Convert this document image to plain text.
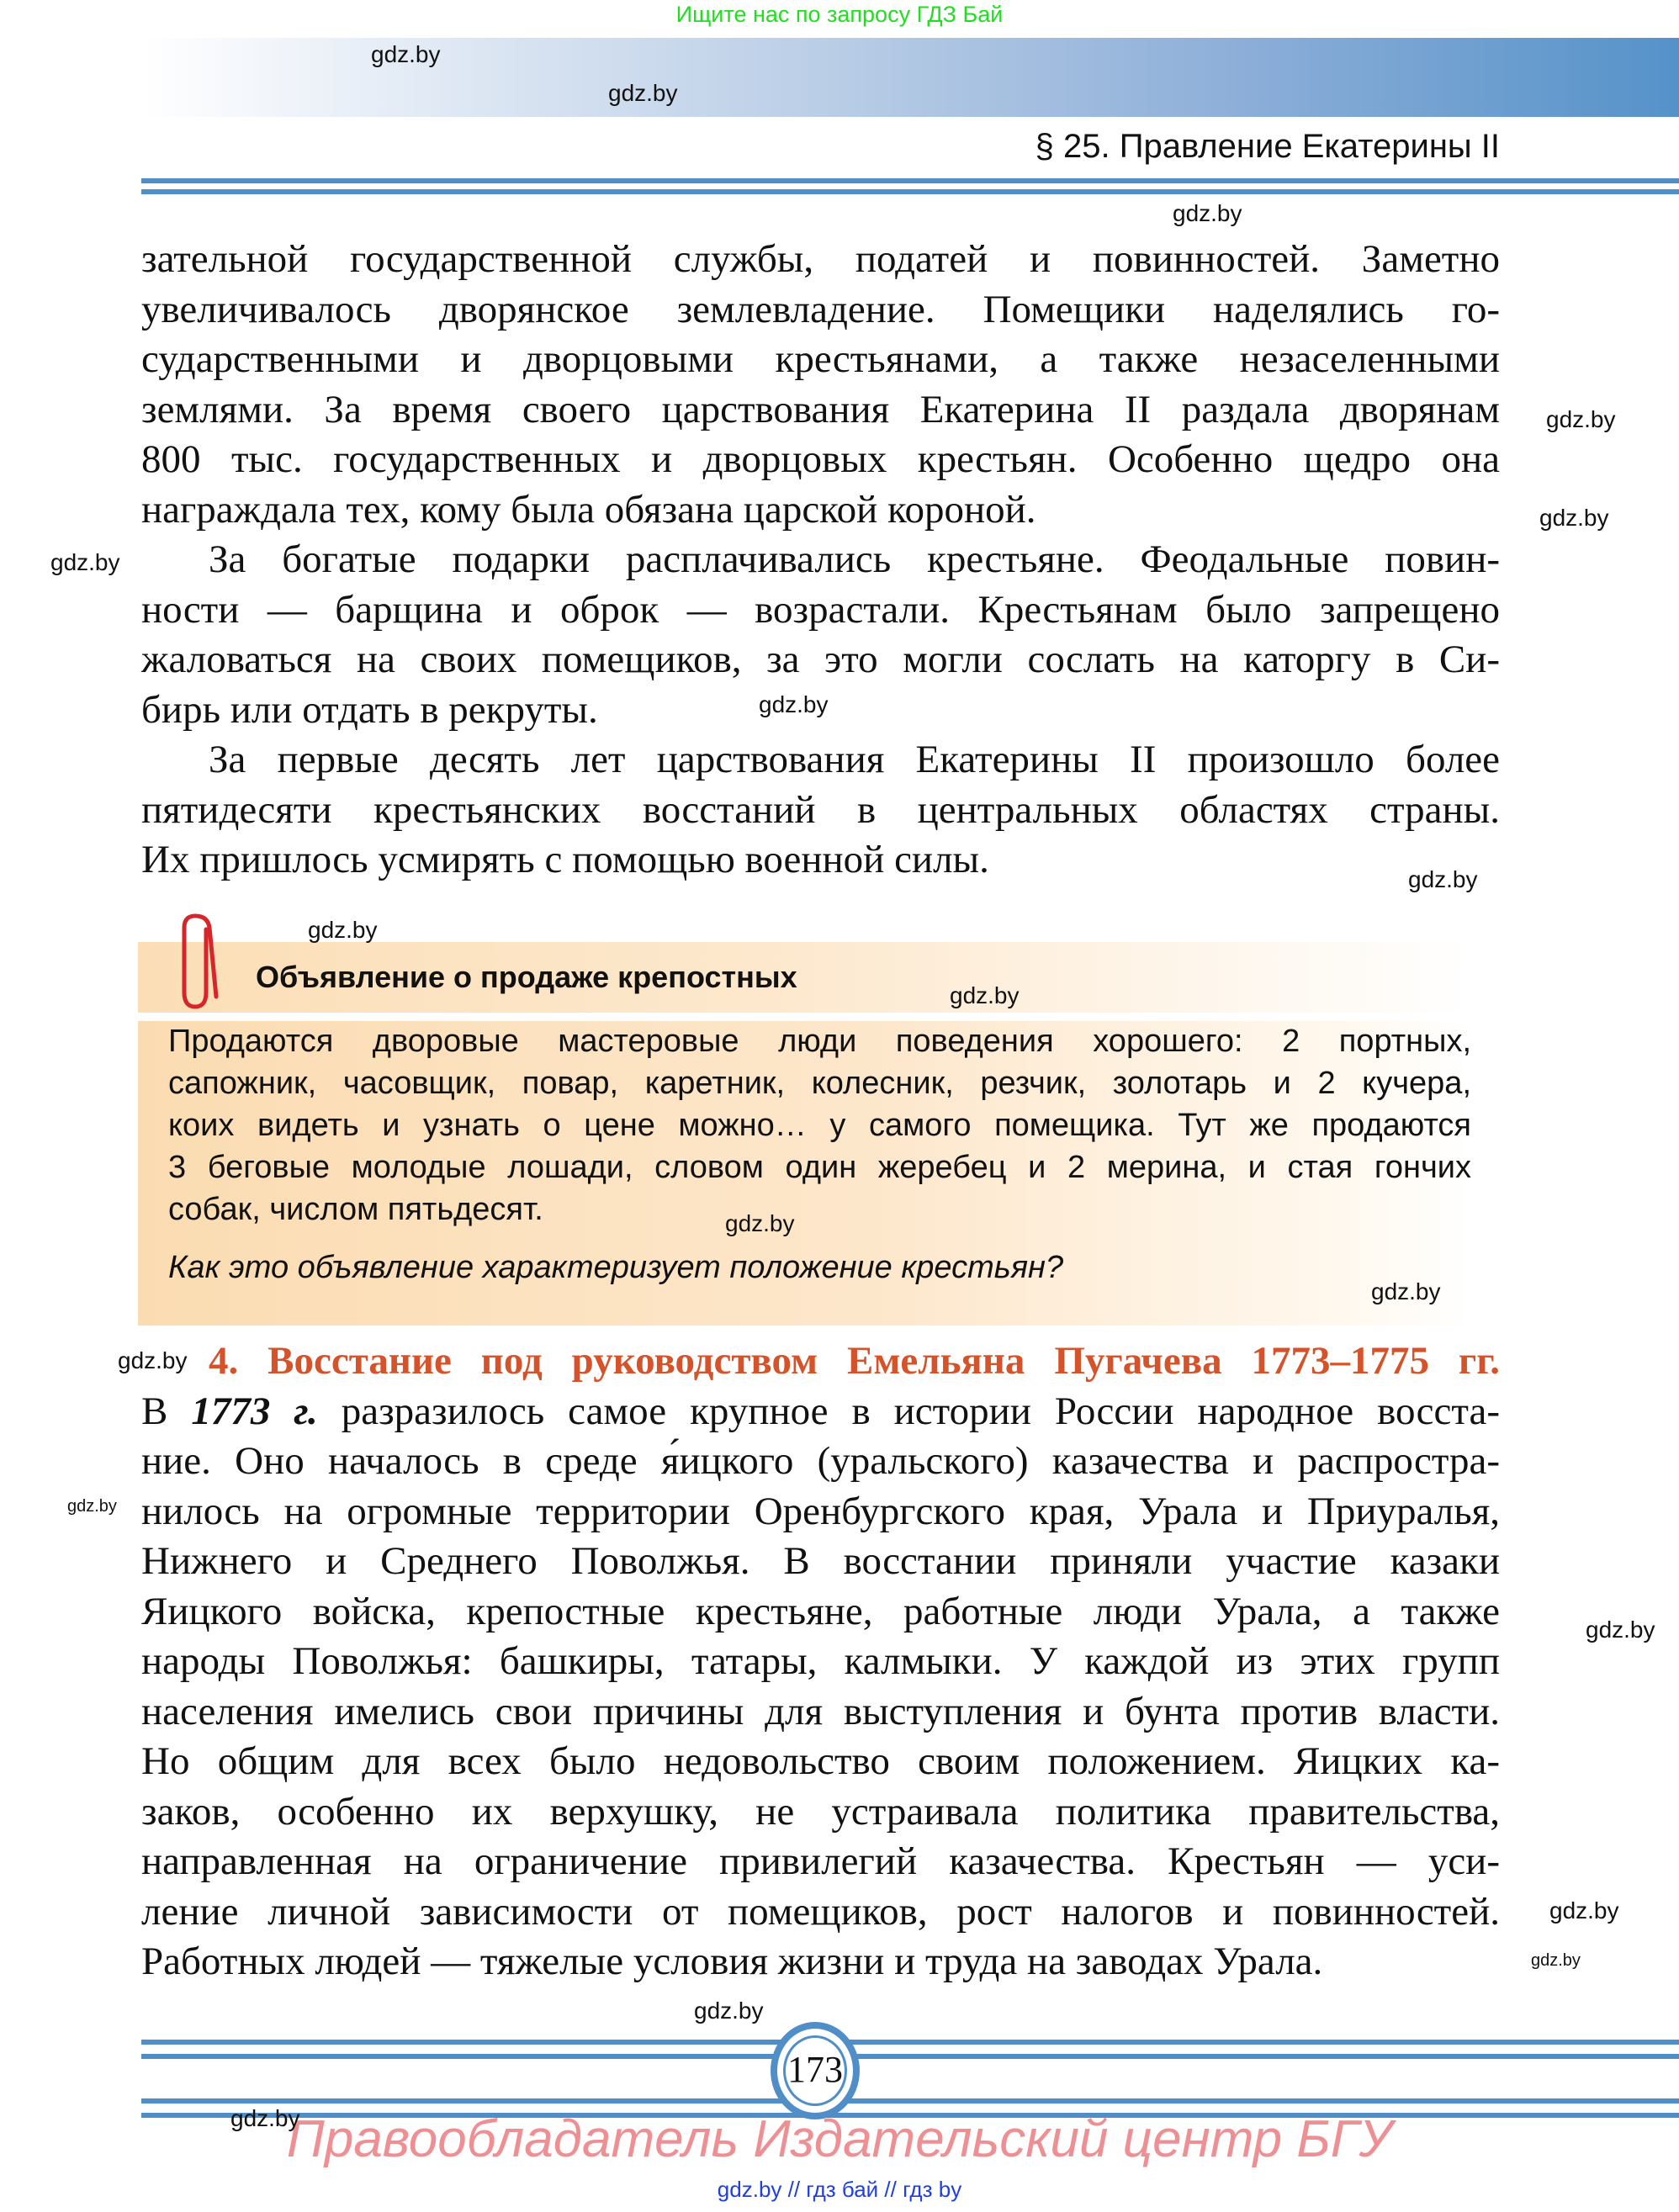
Ищите нас по запросу ГДЗ Бай
§ 25. Правление Екатерины II
зательной государственной службы, податей и повинностей. Заметно
увеличивалось дворянское землевладение. Помещики наделялись го-
сударственными и дворцовыми крестьянами, а также незаселенными
землями. За время своего царствования Екатерина II раздала дворянам
800 тыс. государственных и дворцовых крестьян. Особенно щедро она
награждала тех, кому была обязана царской короной.
За богатые подарки расплачивались крестьяне. Феодальные повин-
ности — барщина и оброк — возрастали. Крестьянам было запрещено
жаловаться на своих помещиков, за это могли сослать на каторгу в Си-
бирь или отдать в рекруты.
За первые десять лет царствования Екатерины II произошло более
пятидесяти крестьянских восстаний в центральных областях страны.
Их пришлось усмирять с помощью военной силы.
Объявление о продаже крепостных
Продаются дворовые мастеровые люди поведения хорошего: 2 портных,
сапожник, часовщик, повар, каретник, колесник, резчик, золотарь и 2 кучера,
коих видеть и узнать о цене можно… у самого помещика. Тут же продаются
3 беговые молодые лошади, словом один жеребец и 2 мерина, и стая гончих
собак, числом пятьдесят.
Как это объявление характеризует положение крестьян?
4. Восстание под руководством Емельяна Пугачева 1773–1775 гг.
В 1773 г. разразилось самое крупное в истории России народное восста-
ние. Оно началось в среде я́ицкого (уральского) казачества и распростра-
нилось на огромные территории Оренбургского края, Урала и Приуралья,
Нижнего и Среднего Поволжья. В восстании приняли участие казаки
Яицкого войска, крепостные крестьяне, работные люди Урала, а также
народы Поволжья: башкиры, татары, калмыки. У каждой из этих групп
населения имелись свои причины для выступления и бунта против власти.
Но общим для всех было недовольство своим положением. Яицких ка-
заков, особенно их верхушку, не устраивала политика правительства,
направленная на ограничение привилегий казачества. Крестьян — уси-
ление личной зависимости от помещиков, рост налогов и повинностей.
Работных людей — тяжелые условия жизни и труда на заводах Урала.
173
Правообладатель Издательский центр БГУ
gdz.by // гдз бай // гдз by
gdz.by
gdz.by
gdz.by
gdz.by
gdz.by
gdz.by
gdz.by
gdz.by
gdz.by
gdz.by
gdz.by
gdz.by
gdz.by
gdz.by
gdz.by
gdz.by
gdz.by
gdz.by
gdz.by
